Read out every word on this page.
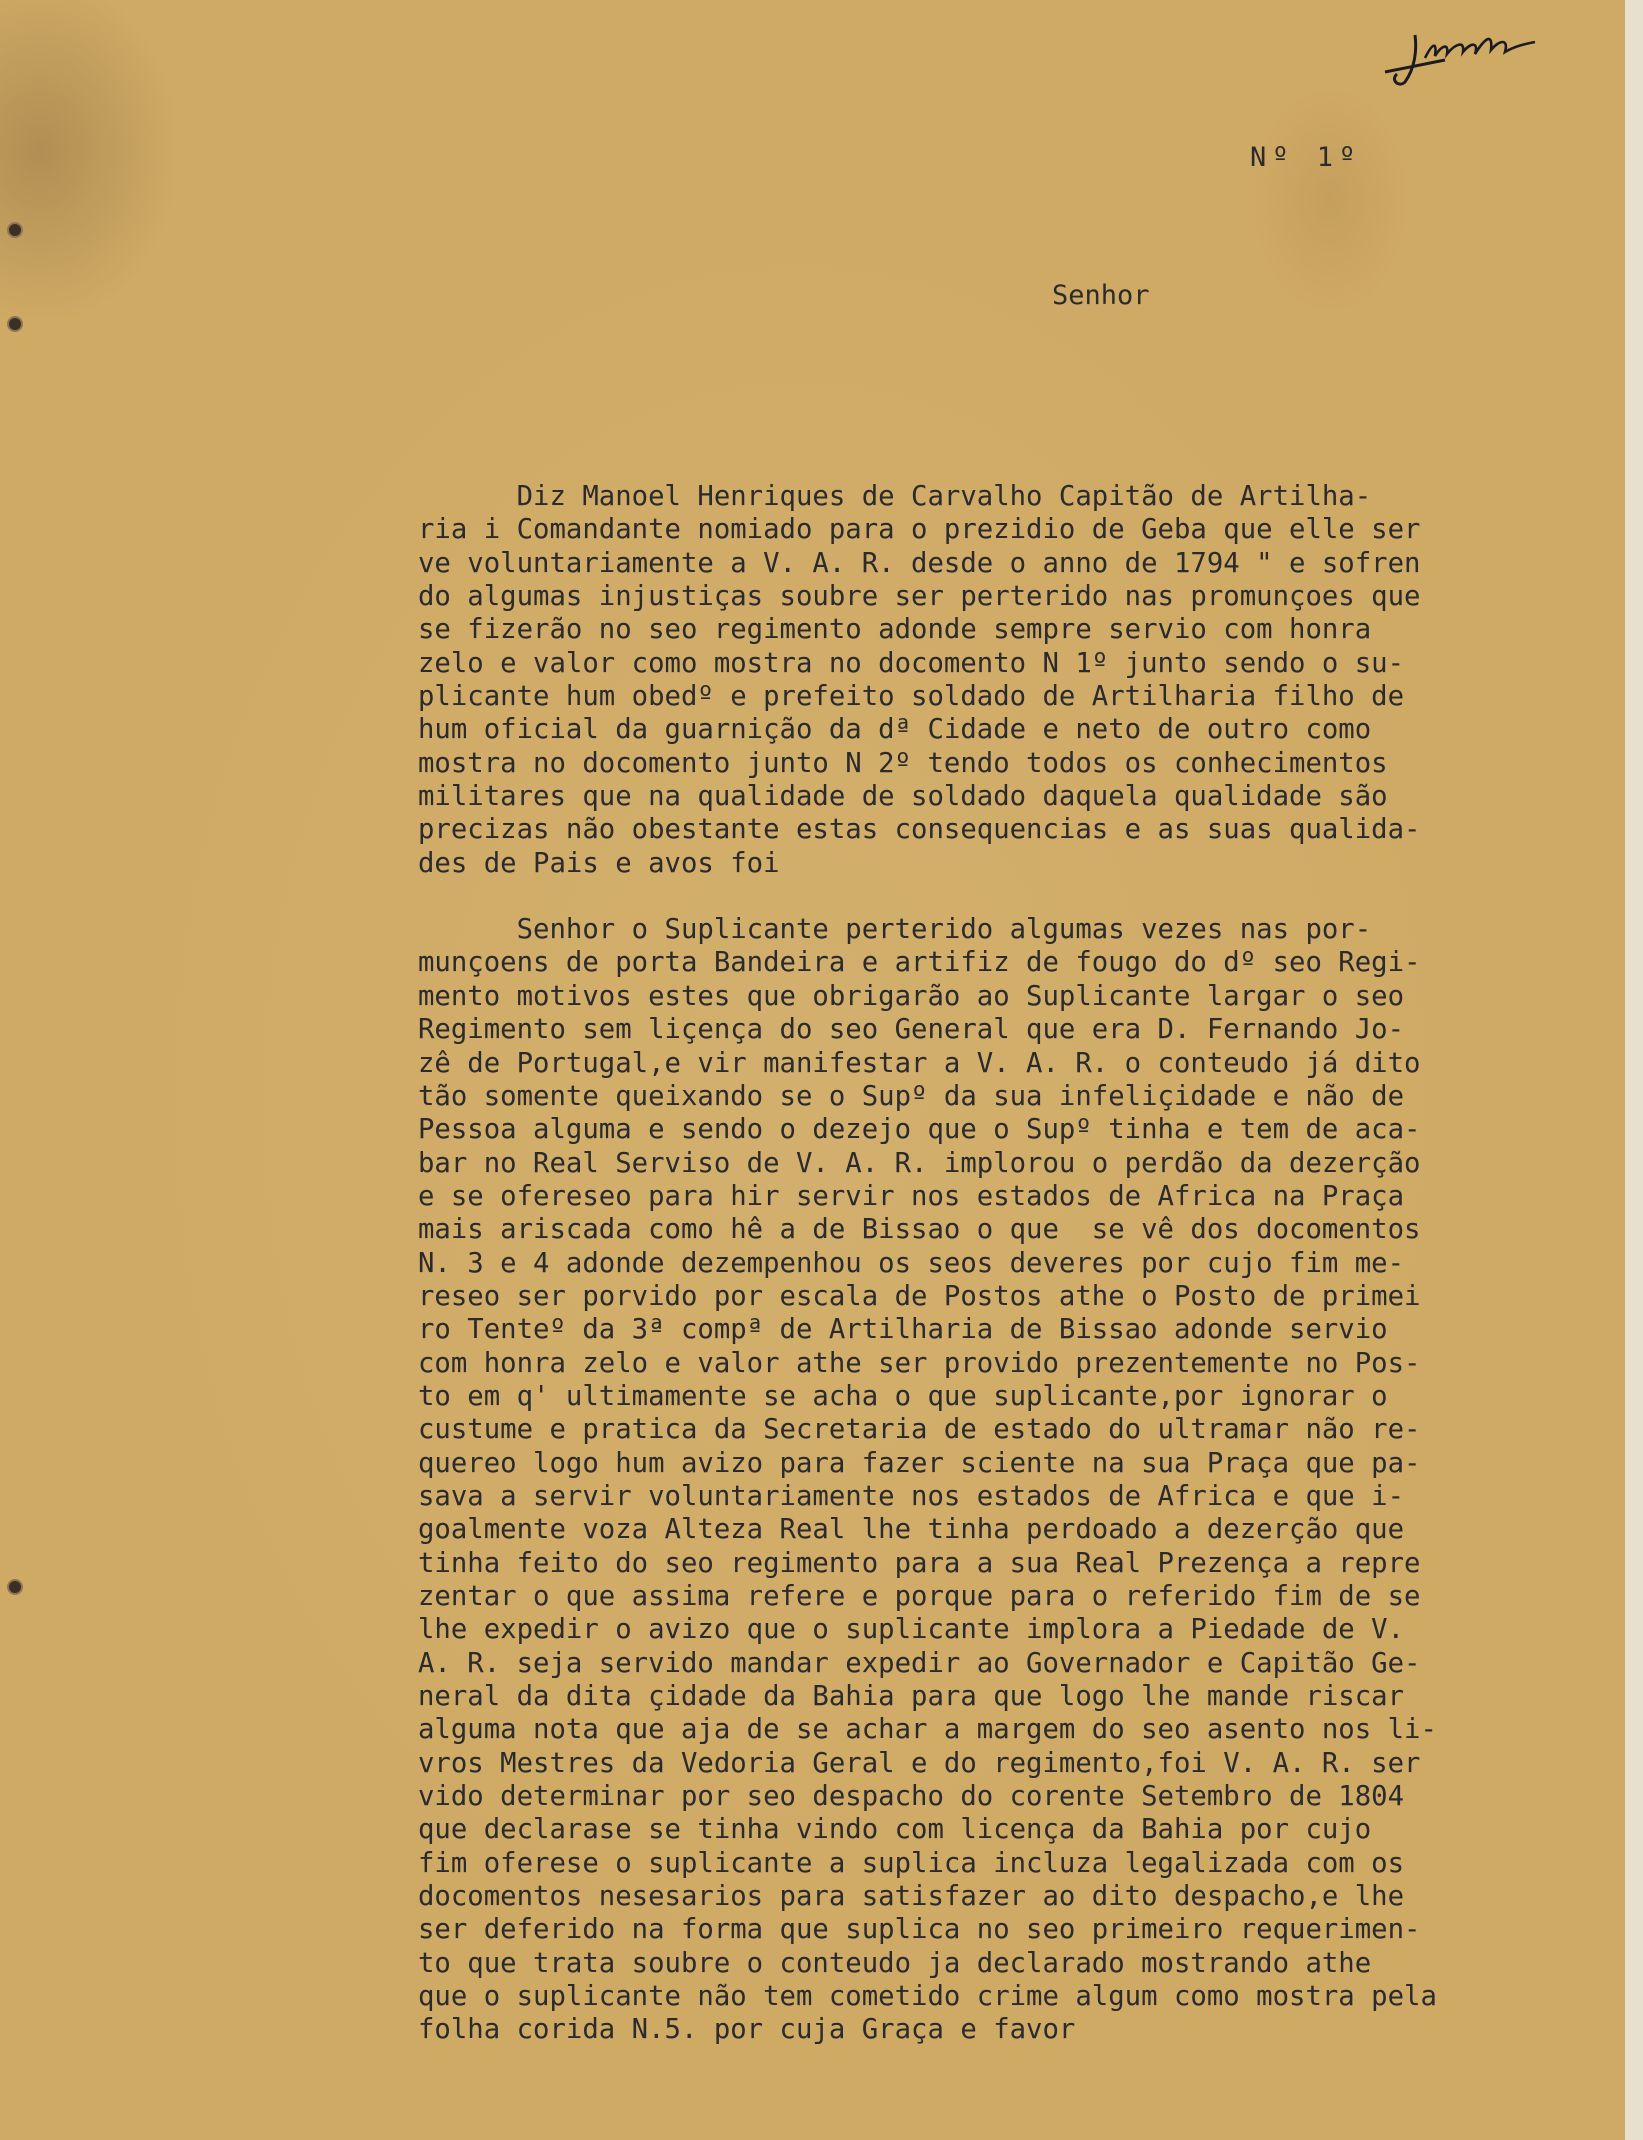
Nº 1º
Senhor
Diz Manoel Henriques de Carvalho Capitão de Artilha-
ria i Comandante nomiado para o prezidio de Geba que elle ser
ve voluntariamente a V. A. R. desde o anno de 1794 " e sofren
do algumas injustiças soubre ser perterido nas promunçoes que
se fizerão no seo regimento adonde sempre servio com honra
zelo e valor como mostra no docomento N 1º junto sendo o su-
plicante hum obedº e prefeito soldado de Artilharia filho de
hum oficial da guarnição da dª Cidade e neto de outro como
mostra no docomento junto N 2º tendo todos os conhecimentos
militares que na qualidade de soldado daquela qualidade são
precizas não obestante estas consequencias e as suas qualida-
des de Pais e avos foi
Senhor o Suplicante perterido algumas vezes nas por-
munçoens de porta Bandeira e artifiz de fougo do dº seo Regi-
mento motivos estes que obrigarão ao Suplicante largar o seo
Regimento sem liçença do seo General que era D. Fernando Jo-
zê de Portugal,e vir manifestar a V. A. R. o conteudo já dito
tão somente queixando se o Supº da sua infeliçidade e não de
Pessoa alguma e sendo o dezejo que o Supº tinha e tem de aca-
bar no Real Serviso de V. A. R. implorou o perdão da dezerção
e se ofereseo para hir servir nos estados de Africa na Praça
mais ariscada como hê a de Bissao o que  se vê dos docomentos
N. 3 e 4 adonde dezempenhou os seos deveres por cujo fim me-
reseo ser porvido por escala de Postos athe o Posto de primei
ro Tenteº da 3ª compª de Artilharia de Bissao adonde servio
com honra zelo e valor athe ser provido prezentemente no Pos-
to em q' ultimamente se acha o que suplicante,por ignorar o
custume e pratica da Secretaria de estado do ultramar não re-
quereo logo hum avizo para fazer sciente na sua Praça que pa-
sava a servir voluntariamente nos estados de Africa e que i-
goalmente voza Alteza Real lhe tinha perdoado a dezerção que
tinha feito do seo regimento para a sua Real Prezença a repre
zentar o que assima refere e porque para o referido fim de se
lhe expedir o avizo que o suplicante implora a Piedade de V.
A. R. seja servido mandar expedir ao Governador e Capitão Ge-
neral da dita çidade da Bahia para que logo lhe mande riscar
alguma nota que aja de se achar a margem do seo asento nos li-
vros Mestres da Vedoria Geral e do regimento,foi V. A. R. ser
vido determinar por seo despacho do corente Setembro de 1804
que declarase se tinha vindo com licença da Bahia por cujo
fim oferese o suplicante a suplica incluza legalizada com os
docomentos nesesarios para satisfazer ao dito despacho,e lhe
ser deferido na forma que suplica no seo primeiro requerimen-
to que trata soubre o conteudo ja declarado mostrando athe
que o suplicante não tem cometido crime algum como mostra pela
folha corida N.5. por cuja Graça e favor
